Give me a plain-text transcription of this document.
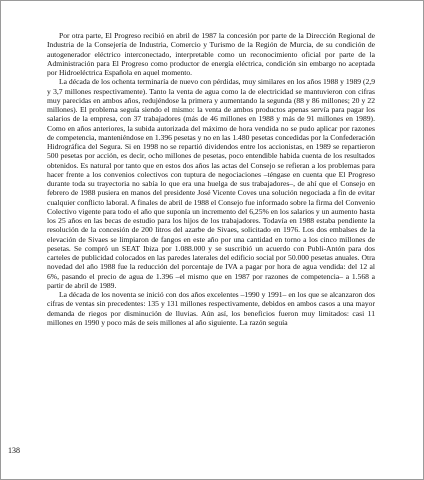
Por otra parte, El Progreso recibió en abril de 1987 la concesión por parte de la Dirección Regional de Industria de la Consejería de Industria, Comercio y Turismo de la Región de Murcia, de su condición de autogenerador eléctrico interconectado, interpretable como un reconocimiento oficial por parte de la Administración para El Progreso como productor de energía eléctrica, condición sin embargo no aceptada por Hidroeléctrica Española en aquel momento.

La década de los ochenta terminaría de nuevo con pérdidas, muy similares en los años 1988 y 1989 (2,9 y 3,7 millones respectivamente). Tanto la venta de agua como la de electricidad se mantuvieron con cifras muy parecidas en ambos años, redujéndose la primera y aumentando la segunda (88 y 86 millones; 20 y 22 millones). El problema seguía siendo el mismo: la venta de ambos productos apenas servía para pagar los salarios de la empresa, con 37 trabajadores (más de 46 millones en 1988 y más de 91 millones en 1989). Como en años anteriores, la subida autorizada del máximo de hora vendida no se pudo aplicar por razones de competencia, manteniéndose en 1.396 pesetas y no en las 1.480 pesetas concedidas por la Confederación Hidrográfica del Segura. Si en 1998 no se repartió dividendos entre los accionistas, en 1989 se repartieron 500 pesetas por acción, es decir, ocho millones de pesetas, poco entendible habida cuenta de los resultados obtenidos. Es natural por tanto que en estos dos años las actas del Consejo se refieran a los problemas para hacer frente a los convenios colectivos con tuptura de negociaciones –téngase en cuenta que El Progreso durante toda su trayectoria no sabía lo que era una huelga de sus trabajadores–, de ahí que el Consejo en febrero de 1988 pusiera en manos del presidente José Vicente Coves una solución negociada a fin de evitar cualquier conflicto laboral. A finales de abril de 1988 el Consejo fue informado sobre la firma del Convenio Colectivo vigente para todo el año que suponía un incremento del 6,25% en los salarios y un aumento hasta los 25 años en las becas de estudio para los hijos de los trabajadores. Todavía en 1988 estaba pendiente la resolución de la concesión de 200 litros del azarbe de Sivaes, solicitado en 1976. Los dos embalses de la elevación de Sivaes se limpiaron de fangos en este año por una cantidad en torno a los cinco millones de pesetas. Se compró un SEAT Ibiza por 1.088.000 y se suscribió un acuerdo con Publi-Antón para dos carteles de publicidad colocados en las paredes laterales del edificio social por 50.000 pesetas anuales. Otra novedad del año 1988 fue la reducción del porcentaje de IVA a pagar por hora de agua vendida: del 12 al 6%, pasando el precio de agua de 1.396 –el mismo que en 1987 por razones de competencia– a 1.568 a partir de abril de 1989.

La década de los noventa se inició con dos años excelentes –1990 y 1991– en los que se alcanzaron dos cifras de ventas sin precedentes: 135 y 131 millones respectivamente, debidos en ambos casos a una mayor demanda de riegos por disminución de lluvias. Aún así, los beneficios fueron muy limitados: casi 11 millones en 1990 y poco más de seis millones al año siguiente. La razón seguía

138
